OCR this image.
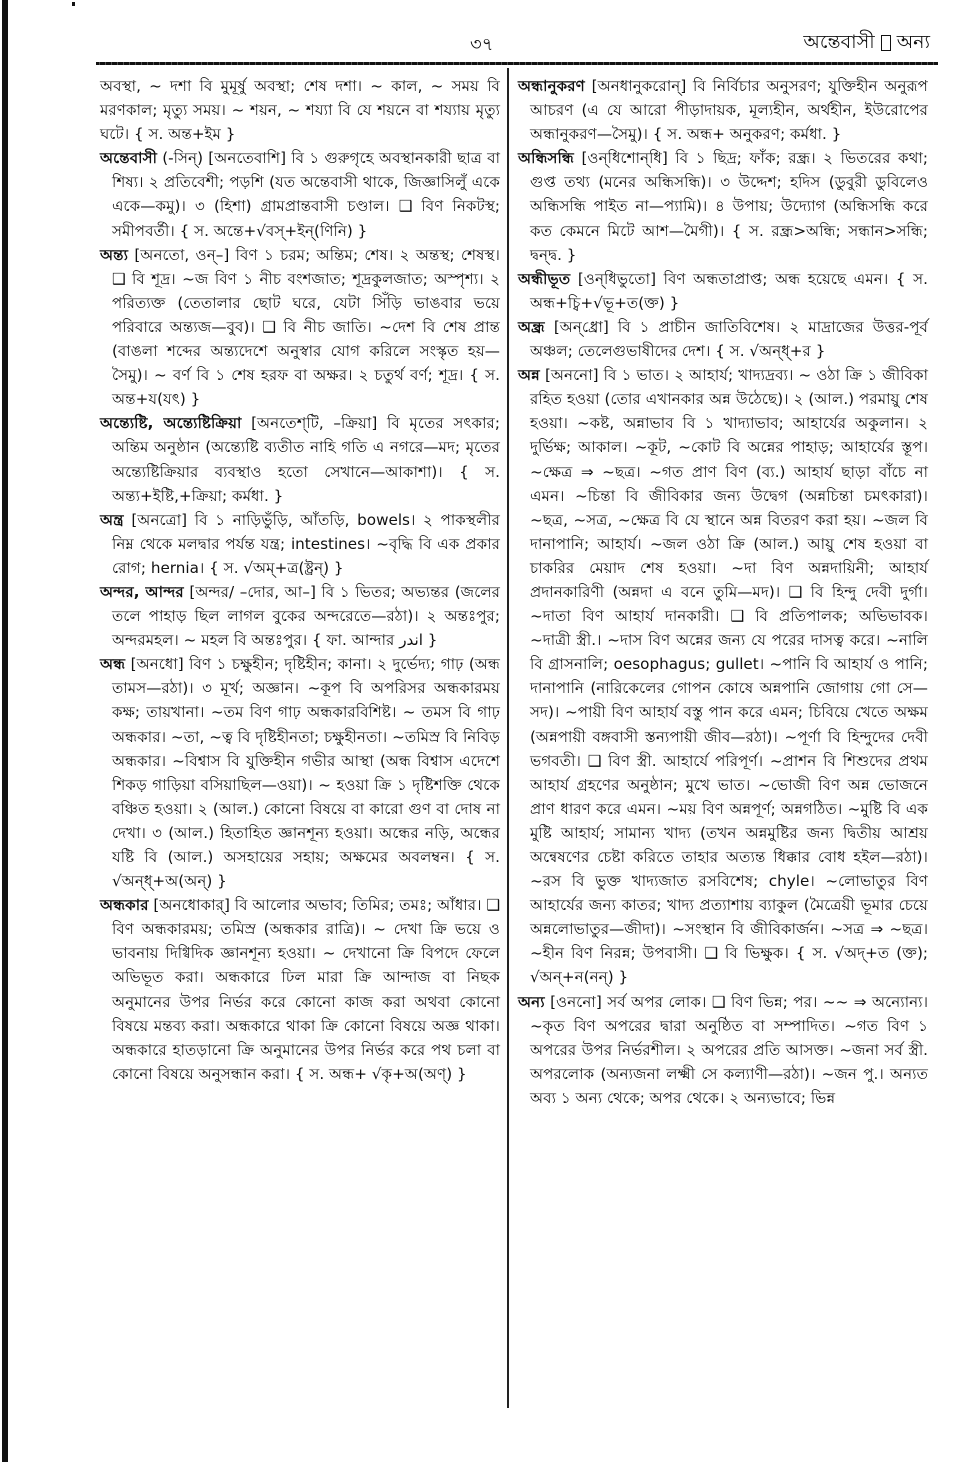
৩৭	অন্তেবাসী অন্য
অবস্থা, ~ দশা বি মুমূর্ষু অবস্থা; শেষ দশা। ~ কাল, ~ সময় বি মরণকাল; মৃত্যু সময়। ~ শয়ন, ~ শয্যা বি যে শয়নে বা শয্যায় মৃত্যু ঘটে। { স. অন্ত+ইম }
অন্তেবাসী (-সিন্) [অনতেবাশি] বি ১ গুরুগৃহে অবস্থানকারী ছাত্র বা শিষ্য। ২ প্রতিবেশী; পড়শি (যত অন্তেবাসী থাকে, জিজ্ঞাসিলুঁ একে একে—কমু)। ৩ (হিশা) গ্রামপ্রান্তবাসী চণ্ডাল। ❑ বিণ নিকটস্থ; সমীপবর্তী। { স. অন্তে+√বস্+ইন্(ণিনি) }
অন্ত্য [অনতো, ওন্–] বিণ ১ চরম; অন্তিম; শেষ। ২ অন্তস্থ; শেষস্থ। ❑ বি শূদ্র। ~জ বিণ ১ নীচ বংশজাত; শূদ্রকুলজাত; অস্পৃশ্য। ২ পরিত্যক্ত (তেতালার ছোট ঘরে, যেটা সিঁড়ি ভাঙবার ভয়ে পরিবারে অন্ত্যজ—বুব)। ❑ বি নীচ জাতি। ~দেশ বি শেষ প্রান্ত (বাঙলা শব্দের অন্ত্যদেশে অনুস্বার যোগ করিলে সংস্কৃত হয়—সৈমু)। ~ বর্ণ বি ১ শেষ হরফ বা অক্ষর। ২ চতুর্থ বর্ণ; শূদ্র। { স. অন্ত+য(যৎ) }
অন্ত্যেষ্টি, অন্ত্যেষ্টিক্রিয়া [অনতেশ্‌টি, –ক্রিয়া] বি মৃতের সৎকার; অন্তিম অনুষ্ঠান (অন্ত্যেষ্টি ব্যতীত নাহি গতি এ নগরে—মদ; মৃতের অন্ত্যেষ্টিক্রিয়ার ব্যবস্থাও হতো সেখানে—আকাশা)। { স. অন্ত্য+ইষ্টি,+ক্রিয়া; কর্মধা. }
অন্ত্র [অনত্রো] বি ১ নাড়িভুঁড়ি, আঁতড়ি, bowels। ২ পাকস্থলীর নিম্ন থেকে মলদ্বার পর্যন্ত যন্ত্র; intestines। ~বৃদ্ধি বি এক প্রকার রোগ; hernia। { স. √অম্+ত্র(ষ্ট্রন্) }
অন্দর, আন্দর [অন্দর/ –দোর, আ–] বি ১ ভিতর; অভ্যন্তর (জলের তলে পাহাড় ছিল লাগল বুকের অন্দরেতে—রঠা)। ২ অন্তঃপুর; অন্দরমহল। ~ মহল বি অন্তঃপুর। { ফা. আন্দার اندر }
অন্ধ [অনধো] বিণ ১ চক্ষুহীন; দৃষ্টিহীন; কানা। ২ দুর্ভেদ্য; গাঢ় (অন্ধ তামস—রঠা)। ৩ মূর্খ; অজ্ঞান। ~কূপ বি অপরিসর অন্ধকারময় কক্ষ; তায়খানা। ~তম বিণ গাঢ় অন্ধকারবিশিষ্ট। ~ তমস বি গাঢ় অন্ধকার। ~তা, ~ত্ব বি দৃষ্টিহীনতা; চক্ষুহীনতা। ~তমিস্র বি নিবিড় অন্ধকার। ~বিশ্বাস বি যুক্তিহীন গভীর আস্থা (অন্ধ বিশ্বাস এদেশে শিকড় গাড়িয়া বসিয়াছিল—ওয়া)। ~ হওয়া ক্রি ১ দৃষ্টিশক্তি থেকে বঞ্চিত হওয়া। ২ (আল.) কোনো বিষয়ে বা কারো গুণ বা দোষ না দেখা। ৩ (আল.) হিতাহিত জ্ঞানশূন্য হওয়া। অন্ধের নড়ি, অন্ধের যষ্টি বি (আল.) অসহায়ের সহায়; অক্ষমের অবলম্বন। { স. √অন্ধ্+অ(অন্) }
অন্ধকার [অনধোকার্] বি আলোর অভাব; তিমির; তমঃ; আঁধার। ❑ বিণ অন্ধকারময়; তমিস্র (অন্ধকার রাত্রি)। ~ দেখা ক্রি ভয়ে ও ভাবনায় দিগ্বিদিক জ্ঞানশূন্য হওয়া। ~ দেখানো ক্রি বিপদে ফেলে অভিভূত করা। অন্ধকারে ঢিল মারা ক্রি আন্দাজ বা নিছক অনুমানের উপর নির্ভর করে কোনো কাজ করা অথবা কোনো বিষয়ে মন্তব্য করা। অন্ধকারে থাকা ক্রি কোনো বিষয়ে অজ্ঞ থাকা। অন্ধকারে হাতড়ানো ক্রি অনুমানের উপর নির্ভর করে পথ চলা বা কোনো বিষয়ে অনুসন্ধান করা। { স. অন্ধ+ √কৃ+অ(অণ্) }
অন্ধানুকরণ [অনধানুকরোন্] বি নির্বিচার অনুসরণ; যুক্তিহীন অনুরূপ আচরণ (এ যে আরো পীড়াদায়ক, মূল্যহীন, অর্থহীন, ইউরোপের অন্ধানুকরণ—সৈমু)। { স. অন্ধ+ অনুকরণ; কর্মধা. }
অন্ধিসন্ধি [ওন্‌ধিশোন্‌ধি] বি ১ ছিদ্র; ফাঁক; রন্ধ্র। ২ ভিতরের কথা; গুপ্ত তথ্য (মনের অন্ধিসন্ধি)। ৩ উদ্দেশ; হদিস (ডুবুরী ডুবিলেও অন্ধিসন্ধি পাইত না—প্যামি)। ৪ উপায়; উদ্যোগ (অন্ধিসন্ধি করে কত কেমনে মিটে আশ—মৈগী)। { স. রন্ধ্র>অন্ধি; সন্ধান>সন্ধি; দ্বন্দ্ব. }
অন্ধীভূত [ওন্‌ধিভুতো] বিণ অন্ধতাপ্রাপ্ত; অন্ধ হয়েছে এমন। { স. অন্ধ+চ্বি+√ভূ+ত(ক্ত) }
অন্ধ্র [অন্‌ধ্রো] বি ১ প্রাচীন জাতিবিশেষ। ২ মাদ্রাজের উত্তর-পূর্ব অঞ্চল; তেলেগুভাষীদের দেশ। { স. √অন্ধ্+র }
অন্ন [অননো] বি ১ ভাত। ২ আহার্য; খাদ্যদ্রব্য। ~ ওঠা ক্রি ১ জীবিকা রহিত হওয়া (তোর এখানকার অন্ন উঠেছে)। ২ (আল.) পরমায়ু শেষ হওয়া। ~কষ্ট, অন্নাভাব বি ১ খাদ্যাভাব; আহার্যের অকুলান। ২ দুর্ভিক্ষ; আকাল। ~কূট, ~কোট বি অন্নের পাহাড়; আহার্যের স্তূপ। ~ক্ষেত্র ⇒ ~ছত্র। ~গত প্রাণ বিণ (ব্য.) আহার্য ছাড়া বাঁচে না এমন। ~চিন্তা বি জীবিকার জন্য উদ্বেগ (অন্নচিন্তা চমৎকারা)। ~ছত্র, ~সত্র, ~ক্ষেত্র বি যে স্থানে অন্ন বিতরণ করা হয়। ~জল বি দানাপানি; আহার্য। ~জল ওঠা ক্রি (আল.) আয়ু শেষ হওয়া বা চাকরির মেয়াদ শেষ হওয়া। ~দা বিণ অন্নদায়িনী; আহার্য প্রদানকারিণী (অন্নদা এ বনে তুমি—মদ)। ❑ বি হিন্দু দেবী দুর্গা। ~দাতা বিণ আহার্য দানকারী। ❑ বি প্রতিপালক; অভিভাবক। ~দাত্রী স্ত্রী.। ~দাস বিণ অন্নের জন্য যে পরের দাসত্ব করে। ~নালি বি গ্রাসনালি; oesophagus; gullet। ~পানি বি আহার্য ও পানি; দানাপানি (নারিকেলের গোপন কোষে অন্নপানি জোগায় গো সে—সদ)। ~পায়ী বিণ আহার্য বস্তু পান করে এমন; চিবিয়ে খেতে অক্ষম (অন্নপায়ী বঙ্গবাসী স্তন্যপায়ী জীব—রঠা)। ~পূর্ণা বি হিন্দুদের দেবী ভগবতী। ❑ বিণ স্ত্রী. আহার্যে পরিপূর্ণ। ~প্রাশন বি শিশুদের প্রথম আহার্য গ্রহণের অনুষ্ঠান; মুখে ভাত। ~ভোজী বিণ অন্ন ভোজনে প্রাণ ধারণ করে এমন। ~ময় বিণ অন্নপূর্ণ; অন্নগঠিত। ~মুষ্টি বি এক মুষ্টি আহার্য; সামান্য খাদ্য (তখন অন্নমুষ্টির জন্য দ্বিতীয় আশ্রয় অন্বেষণের চেষ্টা করিতে তাহার অত্যন্ত ধিক্কার বোধ হইল—রঠা)। ~রস বি ভুক্ত খাদ্যজাত রসবিশেষ; chyle। ~লোভাতুর বিণ আহার্যের জন্য কাতর; খাদ্য প্রত্যাশায় ব্যাকুল (মৈত্রেয়ী ভূমার চেয়ে অন্নলোভাতুর—জীদা)। ~সংস্থান বি জীবিকার্জন। ~সত্র ⇒ ~ছত্র। ~হীন বিণ নিরন্ন; উপবাসী। ❑ বি ভিক্ষুক। { স. √অদ্+ত (ক্ত); √অন্+ন(নন্) }
অন্য [ওননো] সর্ব অপর লোক। ❑ বিণ ভিন্ন; পর। ~~ ⇒ অন্যোন্য। ~কৃত বিণ অপরের দ্বারা অনুষ্ঠিত বা সম্পাদিত। ~গত বিণ ১ অপরের উপর নির্ভরশীল। ২ অপরের প্রতি আসক্ত। ~জনা সর্ব স্ত্রী. অপরলোক (অন্যজনা লক্ষ্মী সে কল্যাণী—রঠা)। ~জন পু.। অন্যত অব্য ১ অন্য থেকে; অপর থেকে। ২ অন্যভাবে; ভিন্ন
